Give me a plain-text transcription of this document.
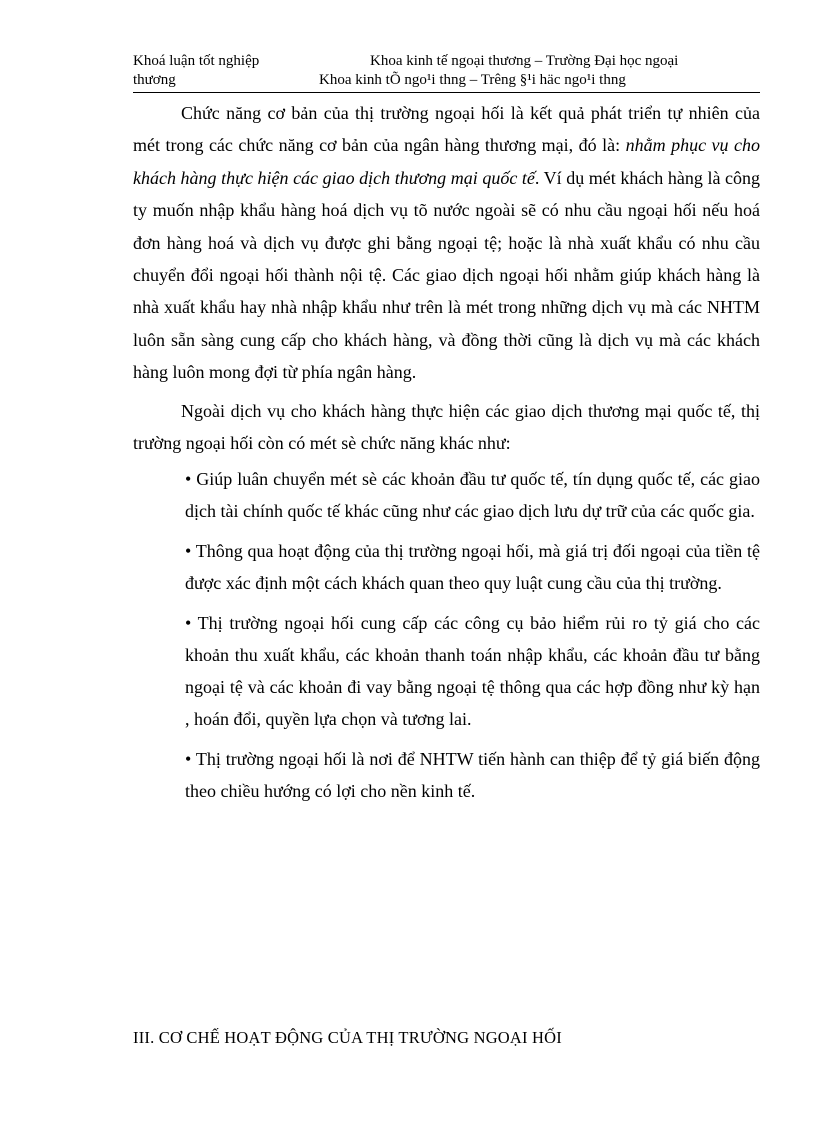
Khoá luận tốt nghiệp	Khoa kinh tế ngoại thương – Trường Đại học ngoại
thương	Khoa kinh tÕ ngo¹i thng – Trêng §¹i häc ngo¹i thng

Chức năng cơ bản của thị trường ngoại hối là kết quả phát triển tự nhiên của mét trong các chức năng cơ bản của ngân hàng thương mại, đó là: nhằm phục vụ cho khách hàng thực hiện các giao dịch thương mại quốc tế. Ví dụ mét khách hàng là công ty muốn nhập khẩu hàng hoá dịch vụ tõ nước ngoài sẽ có nhu cầu ngoại hối nếu hoá đơn hàng hoá và dịch vụ được ghi bằng ngoại tệ; hoặc là nhà xuất khẩu có nhu cầu chuyển đổi ngoại hối thành nội tệ. Các giao dịch ngoại hối nhằm giúp khách hàng là nhà xuất khẩu hay nhà nhập khẩu như trên là mét trong những dịch vụ mà các NHTM luôn sẵn sàng cung cấp cho khách hàng, và đồng thời cũng là dịch vụ mà các khách hàng luôn mong đợi từ phía ngân hàng.

Ngoài dịch vụ cho khách hàng thực hiện các giao dịch thương mại quốc tế, thị trường ngoại hối còn có mét sè chức năng khác như:

• Giúp luân chuyển mét sè các khoản đầu tư quốc tế, tín dụng quốc tế, các giao dịch tài chính quốc tế khác cũng như các giao dịch lưu dự trữ của các quốc gia.

• Thông qua hoạt động của thị trường ngoại hối, mà giá trị đối ngoại của tiền tệ được xác định một cách khách quan theo quy luật cung cầu của thị trường.

• Thị trường ngoại hối cung cấp các công cụ bảo hiểm rủi ro tỷ giá cho các khoản thu xuất khẩu, các khoản thanh toán nhập khẩu, các khoản đầu tư bằng ngoại tệ và các khoản đi vay bằng ngoại tệ thông qua các hợp đồng như kỳ hạn , hoán đổi, quyền lựa chọn và tương lai.

• Thị trường ngoại hối là nơi để NHTW tiến hành can thiệp để tỷ giá biến động theo chiều hướng có lợi cho nền kinh tế.

III. CƠ CHẾ HOẠT ĐỘNG CỦA THỊ TRƯỜNG NGOẠI HỐI
